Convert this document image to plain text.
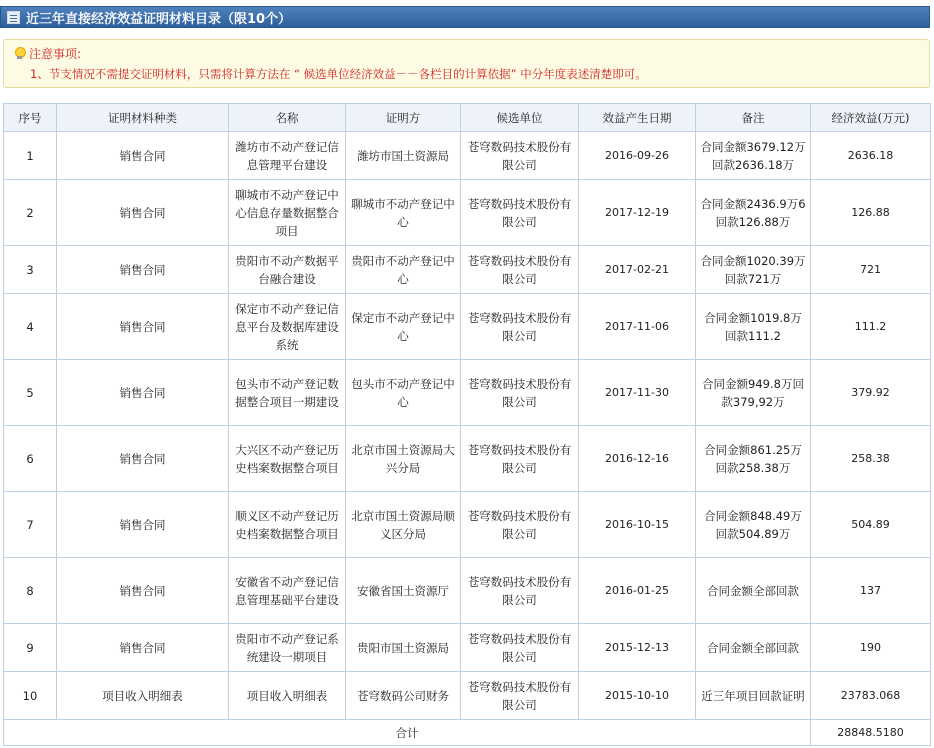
近三年直接经济效益证明材料目录（限10个）
注意事项:
1、节支情况不需提交证明材料，只需将计算方法在 “ 候选单位经济效益－－各栏目的计算依据” 中分年度表述清楚即可。
序号	证明材料种类	名称	证明方	候选单位	效益产生日期	备注	经济效益(万元)
1	销售合同	潍坊市不动产登记信息管理平台建设	潍坊市国土资源局	苍穹数码技术股份有限公司	2016-09-26	合同金额3679.12万回款2636.18万	2636.18
2	销售合同	聊城市不动产登记中心信息存量数据整合项目	聊城市不动产登记中心	苍穹数码技术股份有限公司	2017-12-19	合同金额2436.9万6回款126.88万	126.88
3	销售合同	贵阳市不动产数据平台融合建设	贵阳市不动产登记中心	苍穹数码技术股份有限公司	2017-02-21	合同金额1020.39万回款721万	721
4	销售合同	保定市不动产登记信息平台及数据库建设系统	保定市不动产登记中心	苍穹数码技术股份有限公司	2017-11-06	合同金额1019.8万回款111.2	111.2
5	销售合同	包头市不动产登记数据整合项目一期建设	包头市不动产登记中心	苍穹数码技术股份有限公司	2017-11-30	合同金额949.8万回款379,92万	379.92
6	销售合同	大兴区不动产登记历史档案数据整合项目	北京市国土资源局大兴分局	苍穹数码技术股份有限公司	2016-12-16	合同金额861.25万回款258.38万	258.38
7	销售合同	顺义区不动产登记历史档案数据整合项目	北京市国土资源局顺义区分局	苍穹数码技术股份有限公司	2016-10-15	合同金额848.49万回款504.89万	504.89
8	销售合同	安徽省不动产登记信息管理基础平台建设	安徽省国土资源厅	苍穹数码技术股份有限公司	2016-01-25	合同金额全部回款	137
9	销售合同	贵阳市不动产登记系统建设一期项目	贵阳市国土资源局	苍穹数码技术股份有限公司	2015-12-13	合同金额全部回款	190
10	项目收入明细表	项目收入明细表	苍穹数码公司财务	苍穹数码技术股份有限公司	2015-10-10	近三年项目回款证明	23783.068
合计							28848.5180
